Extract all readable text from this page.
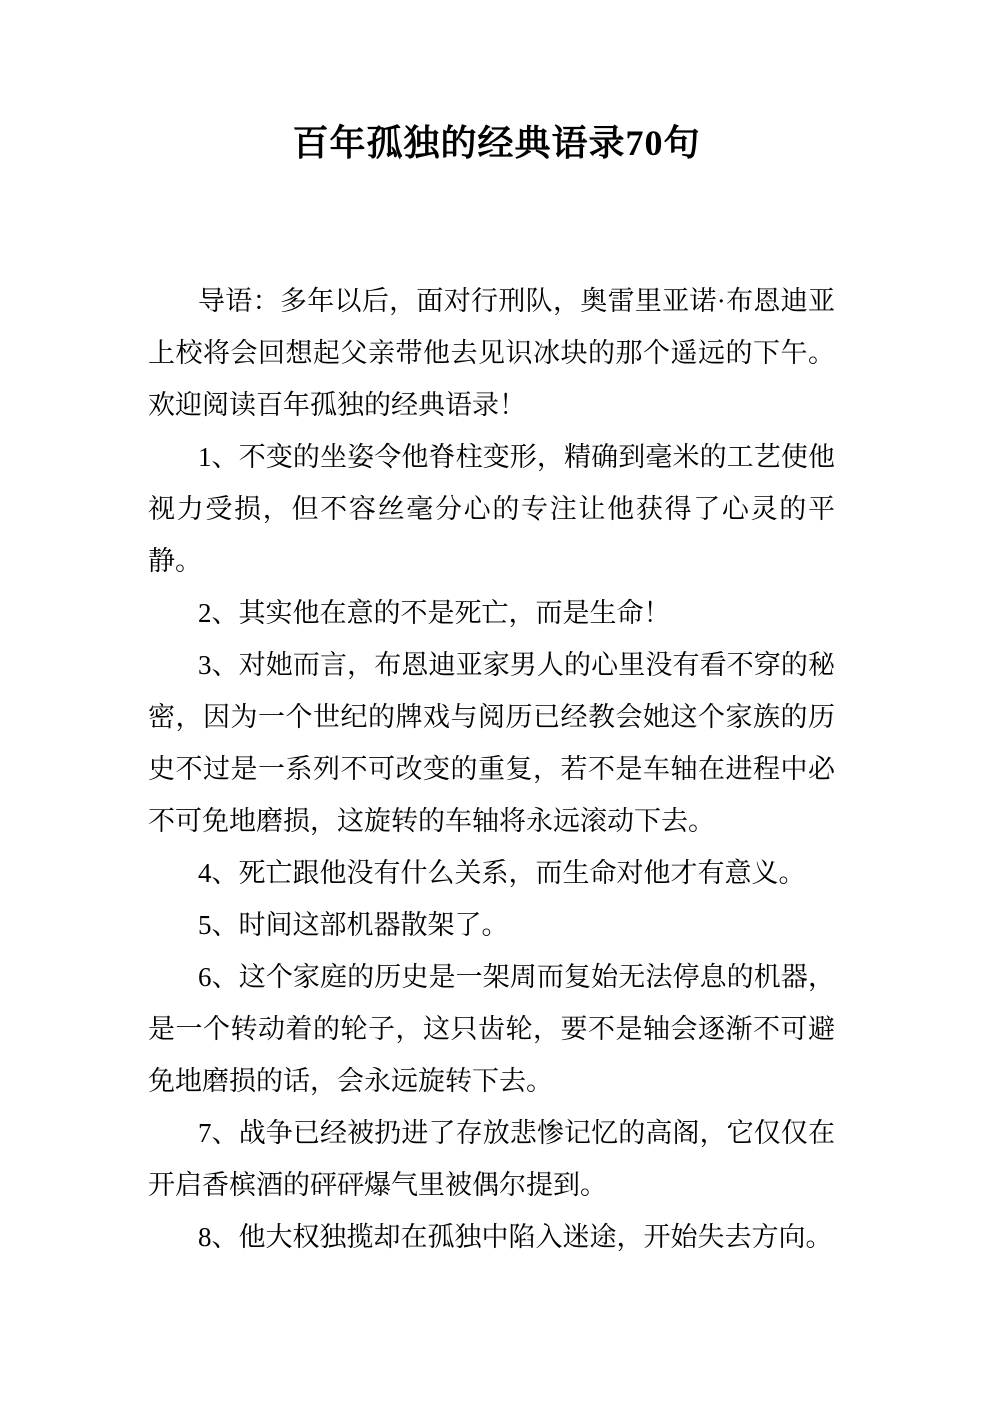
百年孤独的经典语录70句

导语：多年以后，面对行刑队，奥雷里亚诺·布恩迪亚上校将会回想起父亲带他去见识冰块的那个遥远的下午。欢迎阅读百年孤独的经典语录！

1、不变的坐姿令他脊柱变形，精确到毫米的工艺使他视力受损，但不容丝毫分心的专注让他获得了心灵的平静。

2、其实他在意的不是死亡，而是生命！

3、对她而言，布恩迪亚家男人的心里没有看不穿的秘密，因为一个世纪的牌戏与阅历已经教会她这个家族的历史不过是一系列不可改变的重复，若不是车轴在进程中必不可免地磨损，这旋转的车轴将永远滚动下去。

4、死亡跟他没有什么关系，而生命对他才有意义。

5、时间这部机器散架了。

6、这个家庭的历史是一架周而复始无法停息的机器，是一个转动着的轮子，这只齿轮，要不是轴会逐渐不可避免地磨损的话，会永远旋转下去。

7、战争已经被扔进了存放悲惨记忆的高阁，它仅仅在开启香槟酒的砰砰爆气里被偶尔提到。

8、他大权独揽却在孤独中陷入迷途，开始失去方向。
